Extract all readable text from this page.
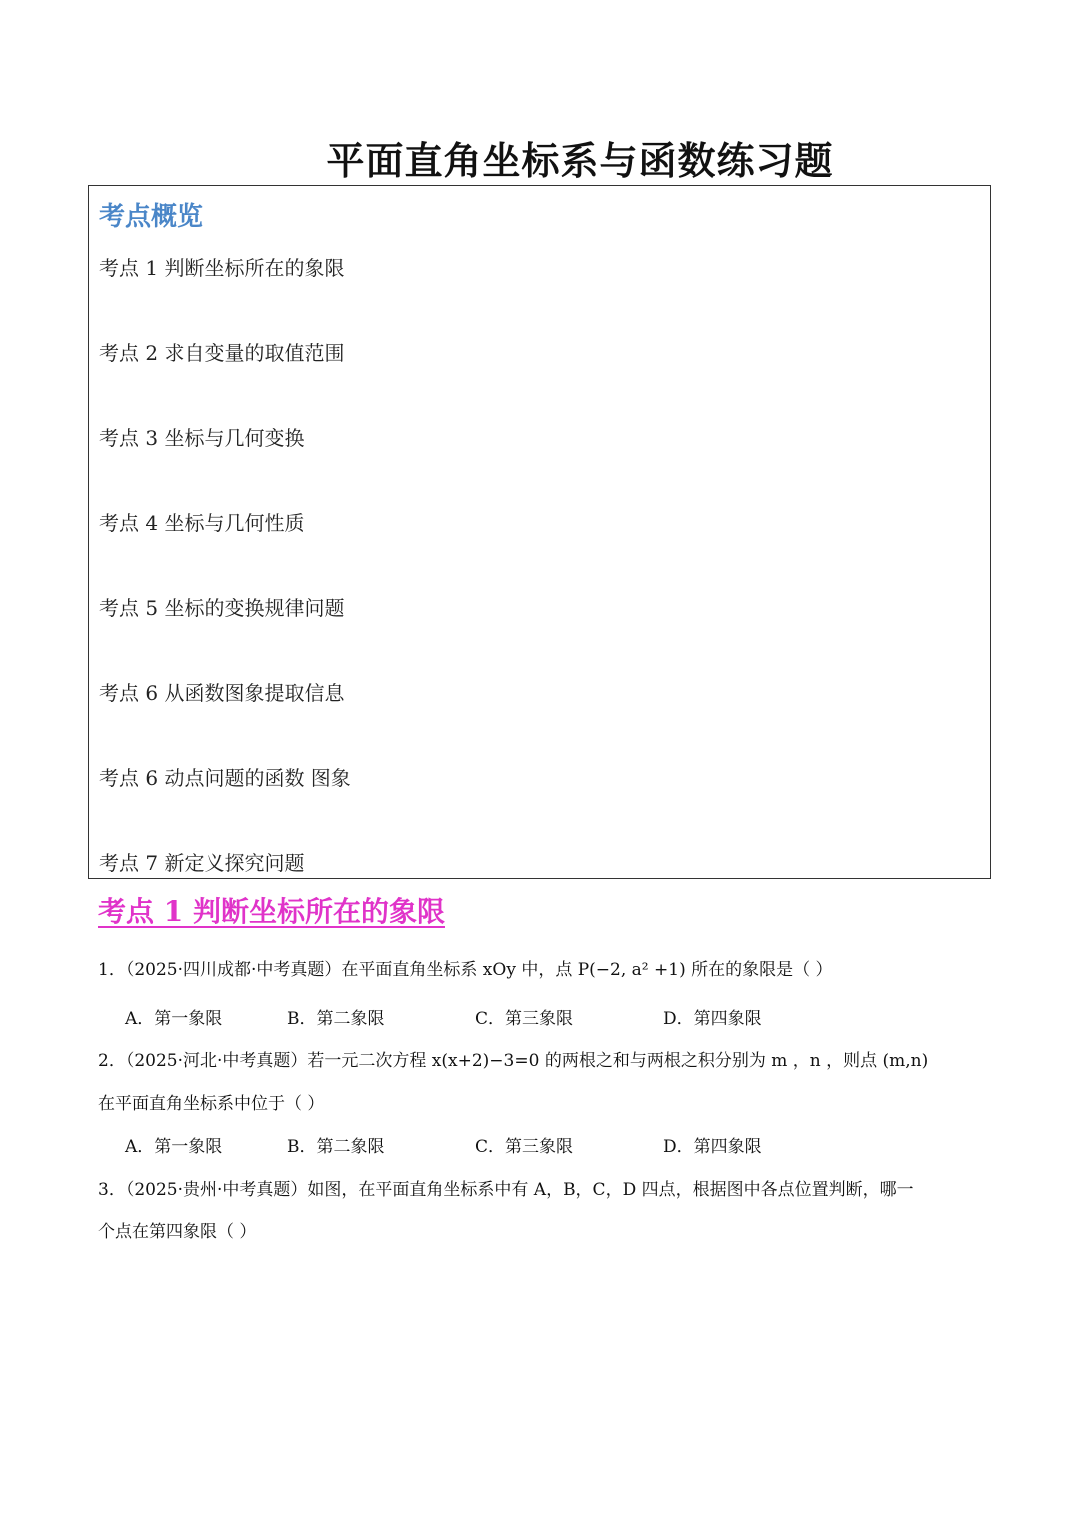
平面直角坐标系与函数练习题
考点概览
考点 1 判断坐标所在的象限
考点 2 求自变量的取值范围
考点 3 坐标与几何变换
考点 4 坐标与几何性质
考点 5 坐标的变换规律问题
考点 6 从函数图象提取信息
考点 6 动点问题的函数 图象
考点 7 新定义探究问题
考点 1 判断坐标所在的象限
1．（2025·四川成都·中考真题）在平面直角坐标系 xOy 中，点 P(−2, a² +1) 所在的象限是（ ）
A．第一象限	B．第二象限	C．第三象限	D．第四象限
2．（2025·河北·中考真题）若一元二次方程 x(x+2)−3=0 的两根之和与两根之积分别为 m ，n ，则点 (m,n)
在平面直角坐标系中位于（ ）
A．第一象限	B．第二象限	C．第三象限	D．第四象限
3．（2025·贵州·中考真题）如图，在平面直角坐标系中有 A，B，C，D 四点，根据图中各点位置判断，哪一
个点在第四象限（ ）
